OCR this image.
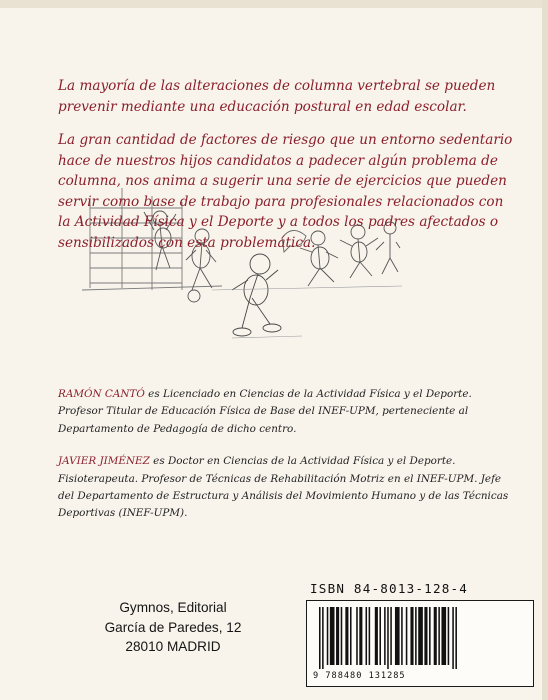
La mayoría de las alteraciones de columna vertebral se pueden prevenir mediante una educación postural en edad escolar.

La gran cantidad de factores de riesgo que un entorno sedentario hace de nuestros hijos candidatos a padecer algún problema de columna, nos anima a sugerir una serie de ejercicios que pueden servir como base de trabajo para profesionales relacionados con la Actividad Física y el Deporte y a todos los padres afectados o sensibilizados con esta problemática.

RAMÓN CANTÓ es Licenciado en Ciencias de la Actividad Física y el Deporte. Profesor Titular de Educación Física de Base del INEF-UPM, perteneciente al Departamento de Pedagogía de dicho centro.

JAVIER JIMÉNEZ es Doctor en Ciencias de la Actividad Física y el Deporte. Fisioterapeuta. Profesor de Técnicas de Rehabilitación Motriz en el INEF-UPM. Jefe del Departamento de Estructura y Análisis del Movimiento Humano y de las Técnicas Deportivas (INEF-UPM).

Gymnos, Editorial
García de Paredes, 12
28010 MADRID
ISBN 84-8013-128-4
9 788480 131285
